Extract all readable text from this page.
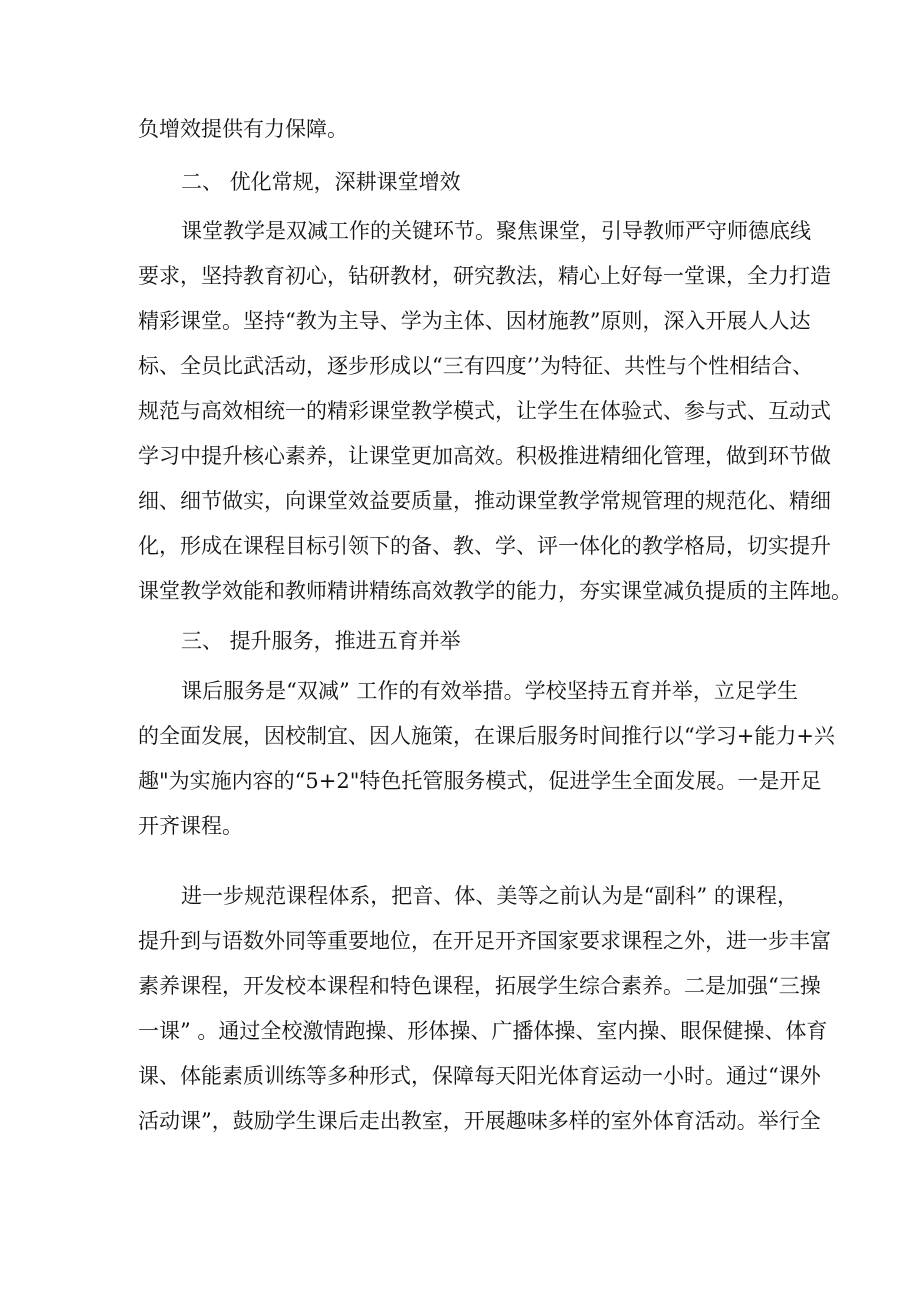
负增效提供有力保障。
二、 优化常规，深耕课堂增效
课堂教学是双减工作的关键环节。聚焦课堂，引导教师严守师德底线
要求，坚持教育初心，钻研教材，研究教法，精心上好每一堂课，全力打造
精彩课堂。坚持“教为主导、学为主体、因材施教”原则，深入开展人人达
标、全员比武活动，逐步形成以“三有四度’’为特征、共性与个性相结合、
规范与高效相统一的精彩课堂教学模式，让学生在体验式、参与式、互动式
学习中提升核心素养，让课堂更加高效。积极推进精细化管理，做到环节做
细、细节做实，向课堂效益要质量，推动课堂教学常规管理的规范化、精细
化，形成在课程目标引领下的备、教、学、评一体化的教学格局，切实提升
课堂教学效能和教师精讲精练高效教学的能力，夯实课堂减负提质的主阵地。
三、 提升服务，推进五育并举
课后服务是“双减” 工作的有效举措。学校坚持五育并举，立足学生
的全面发展，因校制宜、因人施策，在课后服务时间推行以“学习+能力+兴
趣"为实施内容的“5+2"特色托管服务模式，促进学生全面发展。一是开足
开齐课程。
进一步规范课程体系，把音、体、美等之前认为是“副科” 的课程，
提升到与语数外同等重要地位，在开足开齐国家要求课程之外，进一步丰富
素养课程，开发校本课程和特色课程，拓展学生综合素养。二是加强“三操
一课” 。通过全校激情跑操、形体操、广播体操、室内操、眼保健操、体育
课、体能素质训练等多种形式，保障每天阳光体育运动一小时。通过“课外
活动课”，鼓励学生课后走出教室，开展趣味多样的室外体育活动。举行全
